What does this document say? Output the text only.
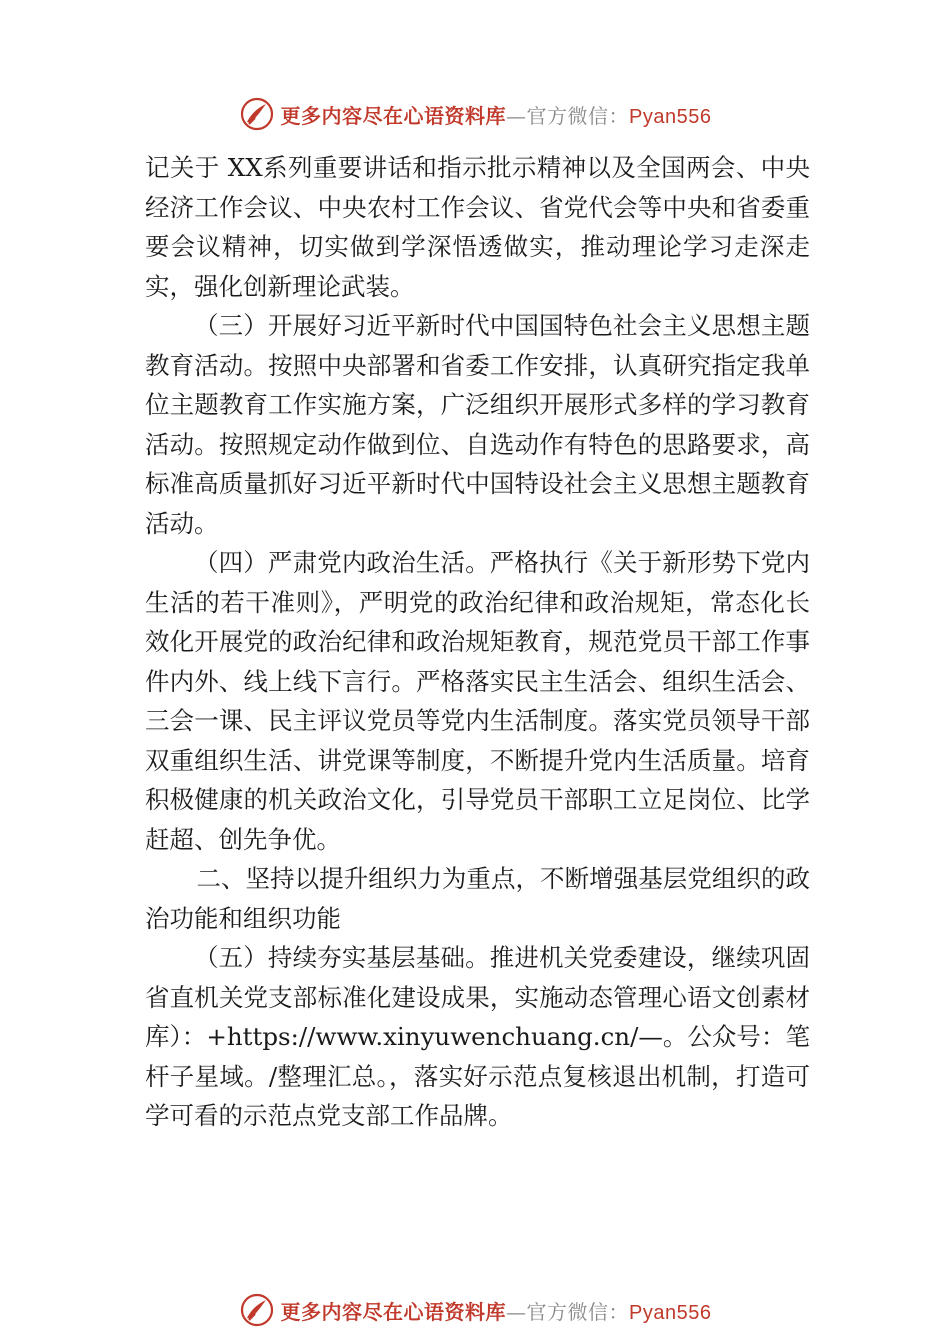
更多内容尽在心语资料库—官方微信：Pyan556

记关于 XX系列重要讲话和指示批示精神以及全国两会、中央经济工作会议、中央农村工作会议、省党代会等中央和省委重要会议精神，切实做到学深悟透做实，推动理论学习走深走实，强化创新理论武装。

（三）开展好习近平新时代中国国特色社会主义思想主题教育活动。按照中央部署和省委工作安排，认真研究指定我单位主题教育工作实施方案，广泛组织开展形式多样的学习教育活动。按照规定动作做到位、自选动作有特色的思路要求，高标准高质量抓好习近平新时代中国特设社会主义思想主题教育活动。

（四）严肃党内政治生活。严格执行《关于新形势下党内生活的若干准则》，严明党的政治纪律和政治规矩，常态化长效化开展党的政治纪律和政治规矩教育，规范党员干部工作事件内外、线上线下言行。严格落实民主生活会、组织生活会、三会一课、民主评议党员等党内生活制度。落实党员领导干部双重组织生活、讲党课等制度，不断提升党内生活质量。培育积极健康的机关政治文化，引导党员干部职工立足岗位、比学赶超、创先争优。

二、坚持以提升组织力为重点，不断增强基层党组织的政治功能和组织功能

（五）持续夯实基层基础。推进机关党委建设，继续巩固省直机关党支部标准化建设成果，实施动态管理心语文创素材库）：+https://www.xinyuwenchuang.cn/—。公众号：笔杆子星域。/整理汇总。，落实好示范点复核退出机制，打造可学可看的示范点党支部工作品牌。

更多内容尽在心语资料库—官方微信：Pyan556
